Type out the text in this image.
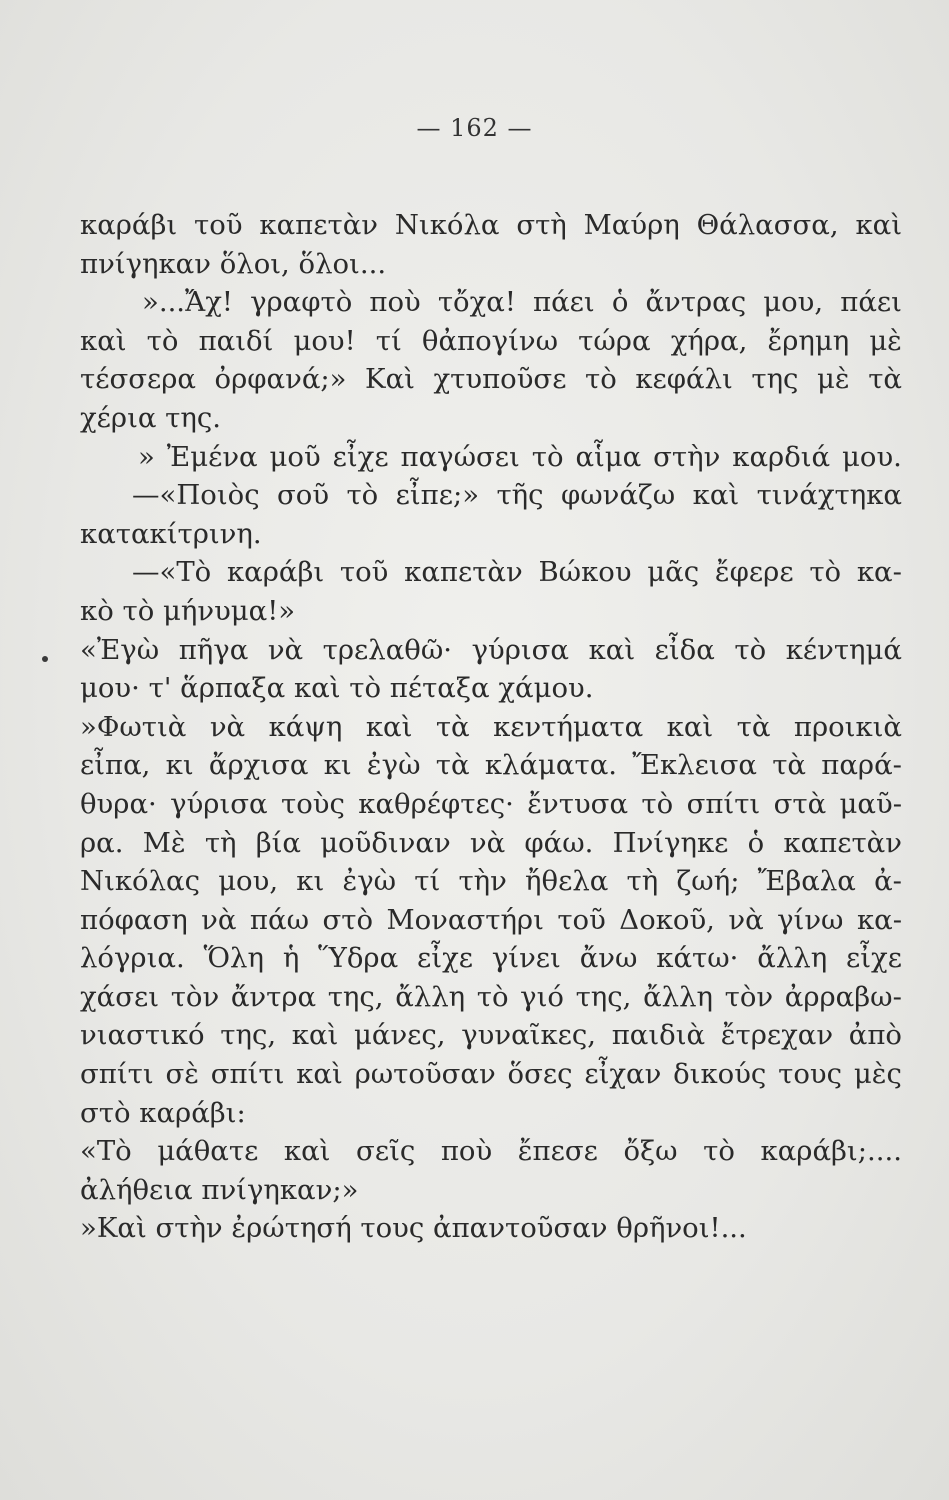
— 162 —
καράβι τοῦ καπετὰν Νικόλα στὴ Μαύρη Θάλασσα, καὶ
πνίγηκαν ὅλοι, ὅλοι...
»...Ἄχ! γραφτὸ ποὺ τὄχα! πάει ὁ ἄντρας μου, πάει
καὶ τὸ παιδί μου! τί θἀπογίνω τώρα χήρα, ἔρημη μὲ
τέσσερα ὀρφανά;» Καὶ χτυποῦσε τὸ κεφάλι της μὲ τὰ
χέρια της.
» Ἐμένα μοῦ εἶχε παγώσει τὸ αἷμα στὴν καρδιά μου.
—«Ποιὸς σοῦ τὸ εἶπε;» τῆς φωνάζω καὶ τινάχτηκα
κατακίτρινη.
—«Τὸ καράβι τοῦ καπετὰν Βώκου μᾶς ἔφερε τὸ κα-
κὸ τὸ μήνυμα!»
«Ἐγὼ πῆγα νὰ τρελαθῶ· γύρισα καὶ εἶδα τὸ κέντημά
μου· τ' ἅρπαξα καὶ τὸ πέταξα χάμου.
»Φωτιὰ νὰ κάψη καὶ τὰ κεντήματα καὶ τὰ προικιὰ
εἶπα, κι ἄρχισα κι ἐγὼ τὰ κλάματα. Ἔκλεισα τὰ παρά-
θυρα· γύρισα τοὺς καθρέφτες· ἔντυσα τὸ σπίτι στὰ μαῦ-
ρα. Μὲ τὴ βία μοῦδιναν νὰ φάω. Πνίγηκε ὁ καπετὰν
Νικόλας μου, κι ἐγὼ τί τὴν ἤθελα τὴ ζωή; Ἔβαλα ἀ-
πόφαση νὰ πάω στὸ Μοναστήρι τοῦ Δοκοῦ, νὰ γίνω κα-
λόγρια. Ὅλη ἡ Ὕδρα εἶχε γίνει ἄνω κάτω· ἄλλη εἶχε
χάσει τὸν ἄντρα της, ἄλλη τὸ γιό της, ἄλλη τὸν ἀρραβω-
νιαστικό της, καὶ μάνες, γυναῖκες, παιδιὰ ἔτρεχαν ἀπὸ
σπίτι σὲ σπίτι καὶ ρωτοῦσαν ὅσες εἶχαν δικούς τους μὲς
στὸ καράβι:
«Τὸ μάθατε καὶ σεῖς ποὺ ἔπεσε ὄξω τὸ καράβι;....
ἀλήθεια πνίγηκαν;»
»Καὶ στὴν ἐρώτησή τους ἀπαντοῦσαν θρῆνοι!...
